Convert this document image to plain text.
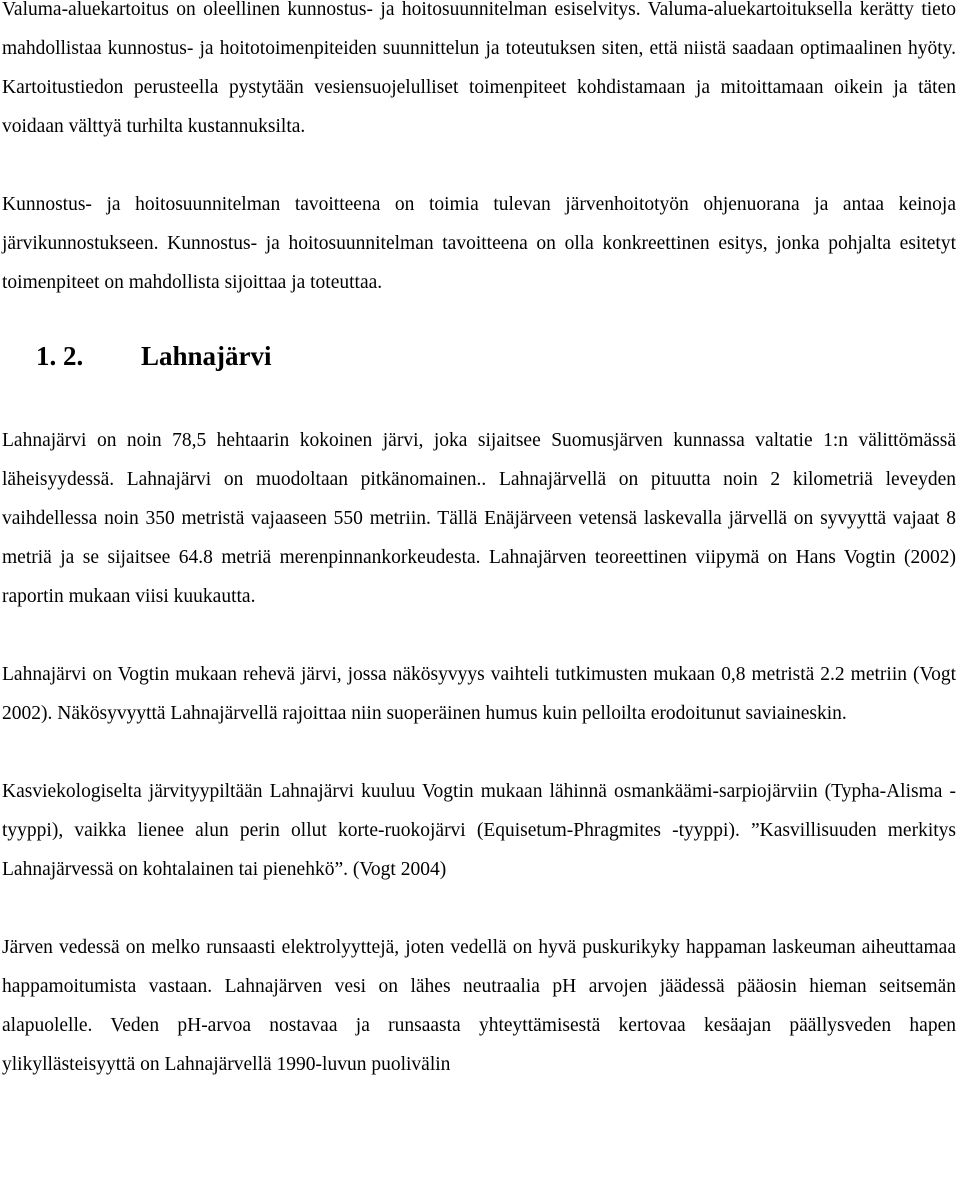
Valuma-aluekartoitus on oleellinen kunnostus- ja hoitosuunnitelman esiselvitys. Valuma-aluekartoituksella kerätty tieto mahdollistaa kunnostus- ja hoitotoimenpiteiden suunnittelun ja toteutuksen siten, että niistä saadaan optimaalinen hyöty. Kartoitustiedon perusteella pystytään vesiensuojelulliset toimenpiteet kohdistamaan ja mitoittamaan oikein ja täten voidaan välttyä turhilta kustannuksilta.

Kunnostus- ja hoitosuunnitelman tavoitteena on toimia tulevan järvenhoitotyön ohjenuorana ja antaa keinoja järvikunnostukseen. Kunnostus- ja hoitosuunnitelman tavoitteena on olla konkreettinen esitys, jonka pohjalta esitetyt toimenpiteet on mahdollista sijoittaa ja toteuttaa.

1. 2.	Lahnajärvi

Lahnajärvi on noin 78,5 hehtaarin kokoinen järvi, joka sijaitsee Suomusjärven kunnassa valtatie 1:n välittömässä läheisyydessä. Lahnajärvi on muodoltaan pitkänomainen.. Lahnajärvellä on pituutta noin 2 kilometriä leveyden vaihdellessa noin 350 metristä vajaaseen 550 metriin. Tällä Enäjärveen vetensä laskevalla järvellä on syvyyttä vajaat 8 metriä ja se sijaitsee 64.8 metriä merenpinnankorkeudesta. Lahnajärven teoreettinen viipymä on Hans Vogtin (2002) raportin mukaan viisi kuukautta.

Lahnajärvi on Vogtin mukaan rehevä järvi, jossa näkösyvyys vaihteli tutkimusten mukaan 0,8 metristä 2.2 metriin (Vogt 2002). Näkösyvyyttä Lahnajärvellä rajoittaa niin suoperäinen humus kuin pelloilta erodoitunut saviaineskin.

Kasviekologiselta järvityypiltään Lahnajärvi kuuluu Vogtin mukaan lähinnä osmankäämi-sarpiojärviin (Typha-Alisma -tyyppi), vaikka lienee alun perin ollut korte-ruokojärvi (Equisetum-Phragmites -tyyppi). ”Kasvillisuuden merkitys Lahnajärvessä on kohtalainen tai pienehkö”. (Vogt 2004)

Järven vedessä on melko runsaasti elektrolyyttejä, joten vedellä on hyvä puskurikyky happaman laskeuman aiheuttamaa happamoitumista vastaan. Lahnajärven vesi on lähes neutraalia pH arvojen jäädessä pääosin hieman seitsemän alapuolelle. Veden pH-arvoa nostavaa ja runsaasta yhteyttämisestä kertovaa kesäajan päällysveden hapen ylikyllästeisyyttä on Lahnajärvellä 1990-luvun puolivälin
